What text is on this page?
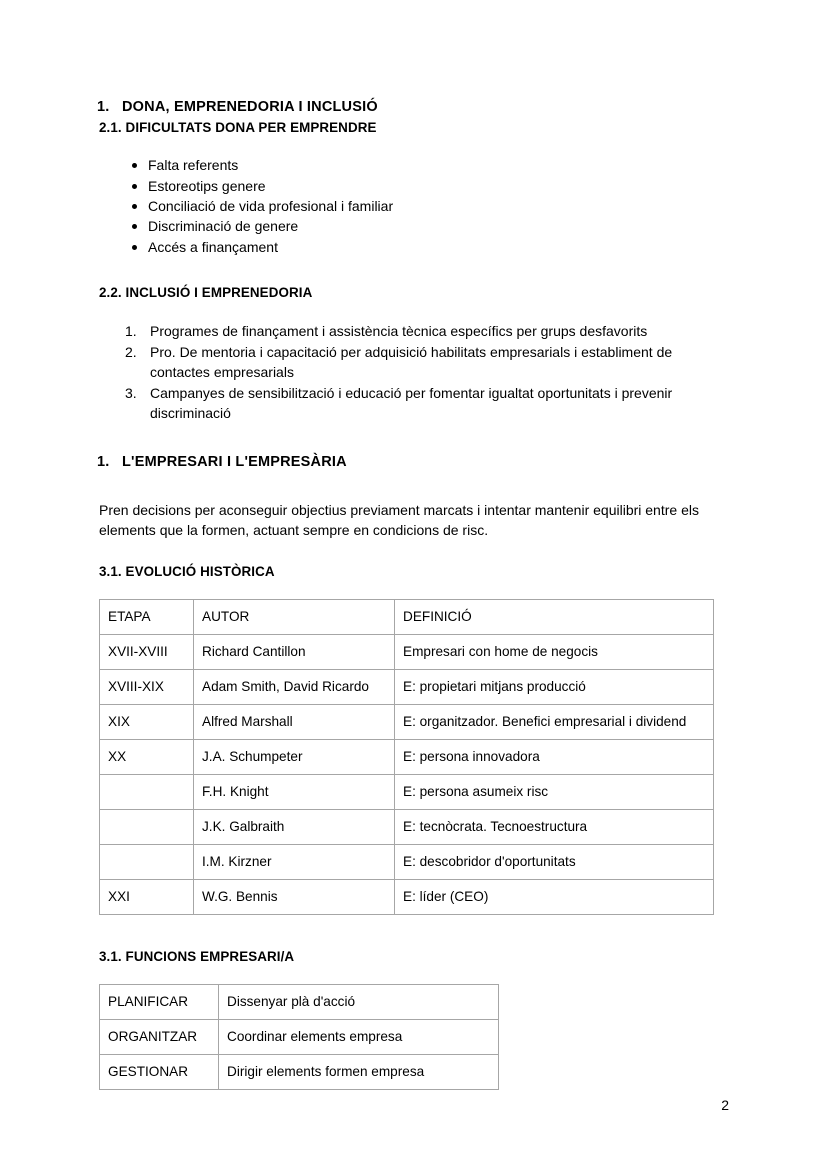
1. DONA, EMPRENEDORIA I INCLUSIÓ
2.1. DIFICULTATS DONA PER EMPRENDRE
Falta referents
Estoreotips genere
Conciliació de vida profesional i familiar
Discriminació de genere
Accés a finançament
2.2. INCLUSIÓ I EMPRENEDORIA
Programes de finançament i assistència tècnica específics per grups desfavorits
Pro. De mentoria i capacitació per adquisició habilitats empresarials i establiment de contactes empresarials
Campanyes de sensibilització i educació per fomentar igualtat oportunitats i prevenir discriminació
1. L'EMPRESARI I L'EMPRESÀRIA

Pren decisions per aconseguir objectius previament marcats i intentar mantenir equilibri entre els elements que la formen, actuant sempre en condicions de risc.

3.1. EVOLUCIÓ HISTÒRICA
ETAPA	AUTOR	DEFINICIÓ
XVII-XVIII	Richard Cantillon	Empresari con home de negocis
XVIII-XIX	Adam Smith, David Ricardo	E: propietari mitjans producció
XIX	Alfred Marshall	E: organitzador. Benefici empresarial i dividend
XX	J.A. Schumpeter	E: persona innovadora
	F.H. Knight	E: persona asumeix risc
	J.K. Galbraith	E: tecnòcrata. Tecnoestructura
	I.M. Kirzner	E: descobridor d'oportunitats
XXI	W.G. Bennis	E: líder (CEO)
3.1. FUNCIONS EMPRESARI/A
PLANIFICAR	Dissenyar plà d'acció
ORGANITZAR	Coordinar elements empresa
GESTIONAR	Dirigir elements formen empresa
2
